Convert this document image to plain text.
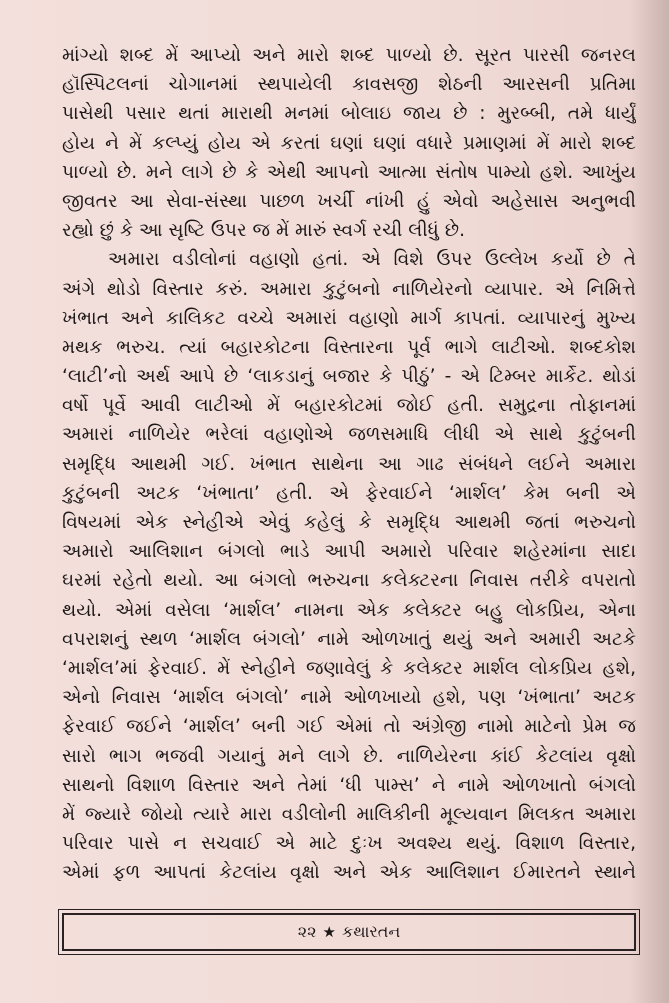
માંગ્યો શબ્દ મેં આપ્યો અને મારો શબ્દ પાળ્યો છે. સૂરત પારસી જનરલ
હૉસ્પિટલનાં ચોગાનમાં સ્થપાયેલી કાવસજી શેઠની આરસની પ્રતિમા
પાસેથી પસાર થતાં મારાથી મનમાં બોલાઇ જાય છે : મુરબ્બી, તમે ધાર્યું
હોય ને મેં કલ્પ્યું હોય એ કરતાં ઘણાં ઘણાં વધારે પ્રમાણમાં મેં મારો શબ્દ
પાળ્યો છે. મને લાગે છે કે એથી આપનો આત્મા સંતોષ પામ્યો હશે. આખુંય
જીવતર આ સેવા-સંસ્થા પાછળ ખર્ચી નાંખી હું એવો અહેસાસ અનુભવી
રહ્યો છું કે આ સૃષ્ટિ ઉપર જ મેં મારું સ્વર્ગ રચી લીધું છે.
અમારા વડીલોનાં વહાણો હતાં. એ વિશે ઉપર ઉલ્લેખ કર્યો છે તે
અંગે થોડો વિસ્તાર કરું. અમારા કુટુંબનો નાળિયેરનો વ્યાપાર. એ નિમિત્તે
ખંભાત અને કાલિકટ વચ્ચે અમારાં વહાણો માર્ગ કાપતાં. વ્યાપારનું મુખ્ય
મથક ભરુચ. ત્યાં બહારકોટના વિસ્તારના પૂર્વ ભાગે લાટીઓ. શબ્દકોશ
‘લાટી’નો અર્થ આપે છે ‘લાકડાનું બજાર કે પીઠું’ - એ ટિમ્બર માર્કેટ. થોડાં
વર્ષો પૂર્વે આવી લાટીઓ મેં બહારકોટમાં જોઈ હતી. સમુદ્રના તોફાનમાં
અમારાં નાળિયેર ભરેલાં વહાણોએ જળસમાધિ લીધી એ સાથે કુટુંબની
સમૃદ્ધિ આથમી ગઈ. ખંભાત સાથેના આ ગાઢ સંબંધને લઈને અમારા
કુટુંબની અટક ‘ખંભાતા’ હતી. એ ફેરવાઈને ‘માર્શલ’ કેમ બની એ
વિષયમાં એક સ્નેહીએ એવું કહેલું કે સમૃદ્ધિ આથમી જતાં ભરુચનો
અમારો આલિશાન બંગલો ભાડે આપી અમારો પરિવાર શહેરમાંના સાદા
ઘરમાં રહેતો થયો. આ બંગલો ભરુચના કલેક્ટરના નિવાસ તરીકે વપરાતો
થયો. એમાં વસેલા ‘માર્શલ’ નામના એક કલેક્ટર બહુ લોકપ્રિય, એના
વપરાશનું સ્થળ ‘માર્શલ બંગલો’ નામે ઓળખાતું થયું અને અમારી અટકે
‘માર્શલ’માં ફેરવાઈ. મેં સ્નેહીને જણાવેલું કે કલેક્ટર માર્શલ લોકપ્રિય હશે,
એનો નિવાસ ‘માર્શલ બંગલો’ નામે ઓળખાયો હશે, પણ ‘ખંભાતા’ અટક
ફેરવાઈ જઈને ‘માર્શલ’ બની ગઈ એમાં તો અંગ્રેજી નામો માટેનો પ્રેમ જ
સારો ભાગ ભજવી ગયાનું મને લાગે છે. નાળિયેરના કાંઈ કેટલાંય વૃક્ષો
સાથનો વિશાળ વિસ્તાર અને તેમાં ‘ધી પામ્સ’ ને નામે ઓળખાતો બંગલો
મેં જ્યારે જોયો ત્યારે મારા વડીલોની માલિકીની મૂલ્યવાન મિલકત અમારા
પરિવાર પાસે ન સચવાઈ એ માટે દુઃખ અવશ્ય થયું. વિશાળ વિસ્તાર,
એમાં ફળ આપતાં કેટલાંય વૃક્ષો અને એક આલિશાન ઈમારતને સ્થાને
૨૨ ★ કથારતન
